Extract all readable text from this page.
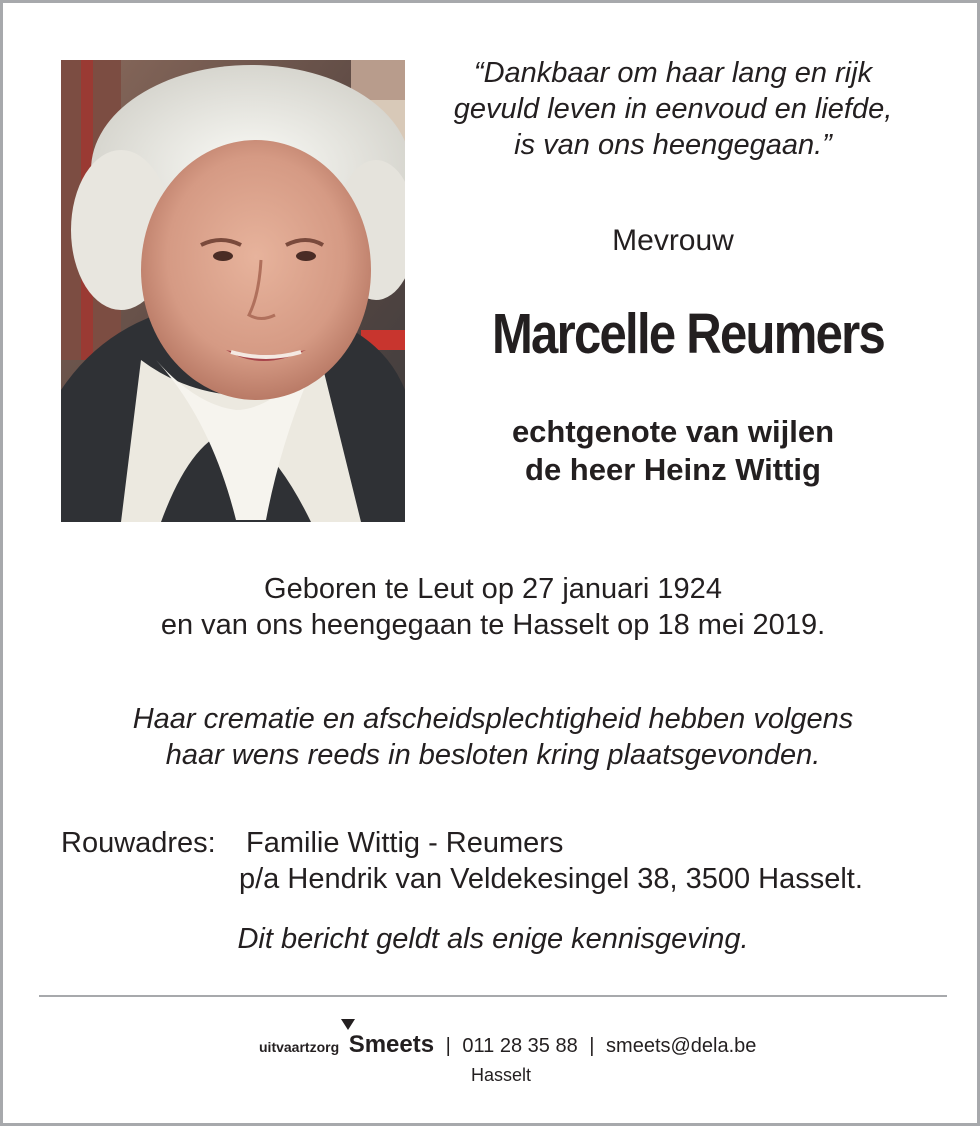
“Dankbaar om haar lang en rijk
gevuld leven in eenvoud en liefde,
is van ons heengegaan.”
Mevrouw
Marcelle Reumers
echtgenote van wijlen
de heer Heinz Wittig
Geboren te Leut op 27 januari 1924
en van ons heengegaan te Hasselt op 18 mei 2019.
Haar crematie en afscheidsplechtigheid hebben volgens
haar wens reeds in besloten kring plaatsgevonden.
Rouwadres: Familie Wittig - Reumers
p/a Hendrik van Veldekesingel 38, 3500 Hasselt.
Dit bericht geldt als enige kennisgeving.
uitvaartzorg Smeets | 011 28 35 88 | smeets@dela.be
Hasselt
